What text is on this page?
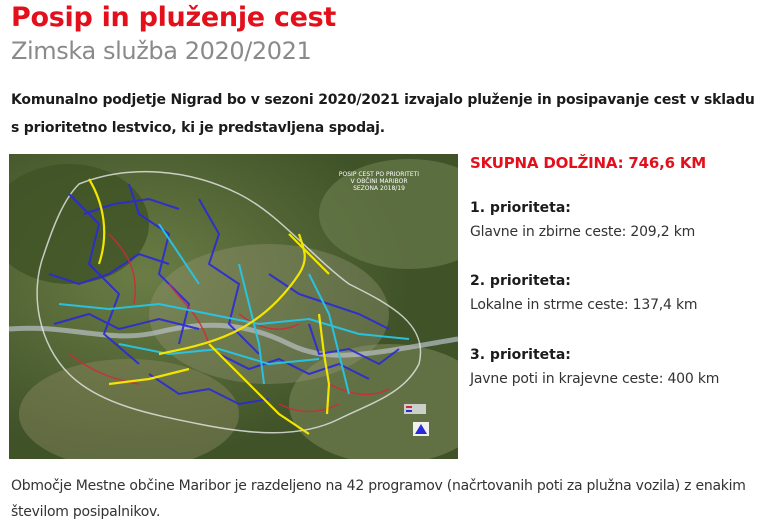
Posip in pluženje cest
Zimska služba 2020/2021
Komunalno podjetje Nigrad bo v sezoni 2020/2021 izvajalo pluženje in posipavanje cest v skladu s prioritetno lestvico, ki je predstavljena spodaj.
POSIP CEST PO PRIORITETI
V OBČINI MARIBOR
SEZONA 2018/19
SKUPNA DOLŽINA: 746,6 KM
1. prioriteta:
Glavne in zbirne ceste: 209,2 km
2. prioriteta:
Lokalne in strme ceste: 137,4 km
3. prioriteta:
Javne poti in krajevne ceste: 400 km
Območje Mestne občine Maribor je razdeljeno na 42 programov (načrtovanih poti za plužna vozila) z enakim številom posipalnikov.
